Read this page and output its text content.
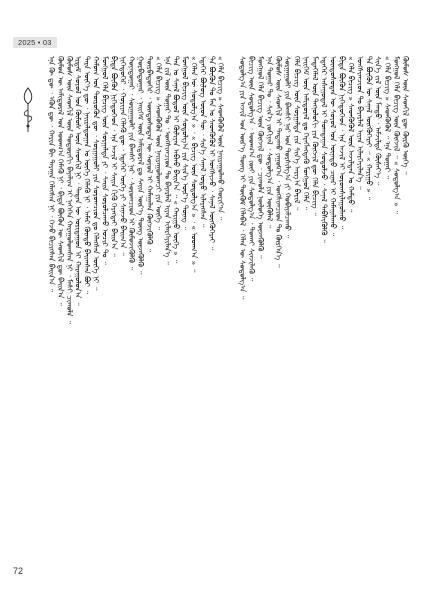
2025 • 03
ᠡᠨᠡ ᠬᠦ ᠳᠦ ᠂ ᠡᠭᠦᠨ ᠳᠦ ᠂ ᠬᠠᠷᠢᠨ ᠪᠢ ᠳᠠᠷᠠᠭᠠ ᠬᠡᠯᠡᠭᠰᠡᠨ ᠨᠢ ᠂ ᠭᠡᠵᠦ ᠪᠢᠴᠢᠭᠰᠡᠨ ᠪᠠᠢᠨ᠎ᠠ ᠃ ᠬᠦᠮᠦᠨ ᠦ ᠠᠮᠢᠳᠤᠷᠠᠯ ᠤᠨ ᠤᠳᠬ᠎ᠠ ᠬᠡᠮᠡᠬᠦ ᠨᠢ ᠂ ᠪᠢᠳᠡ ᠪᠦᠬᠦᠨ ᠦ ᠰᠡᠳᠬᠢᠯ ᠳᠦ ᠪᠠᠢᠨ᠎ᠠ ᠃ ᠬᠦᠮᠦᠰ ᠦᠨ ᠰᠡᠳᠬᠢᠯ ᠦᠨ ᠳᠤᠲᠤᠷᠠᠬᠢ ᠪᠠᠶᠠᠯᠢᠭ ᠢ ᠨᠡᠭᠡᠭᠡᠨ ᠬᠠᠷᠠᠭᠤᠯᠤᠭᠰᠠᠨ ᠨᠢ ᠂ ᠮᠠᠰᠢ ᠴᠢᠬᠤᠯᠠ ᠃ ᠡᠷᠳᠡᠮ ᠰᠣᠶᠤᠯ ᠤᠨ ᠬᠦᠮᠦᠰ ᠦᠨ ᠰᠡᠳᠬᠢᠯ ᠨᠢ ᠂ ᠲᠡᠳᠡᠨ ᠦ ᠤᠷᠢᠳᠠᠭᠤᠨ ᠢ ᠬᠠᠷᠠᠭᠤᠯᠤᠨ᠎ᠠ ᠃ ᠲᠡᠷᠡ ᠦᠶ᠎ᠡ ᠳᠦ ᠂ ᠨᠠᠢᠷᠠᠯᠳᠤᠭᠠᠨ ᠤ ᠦᠭᠡ ᠬᠡᠯᠡᠬᠦ ᠨᠢ ᠂ ᠠᠮᠠᠷ ᠬᠦᠨᠳᠦ ᠪᠠᠢᠭᠰᠠᠨ ᠪᠤᠢ ᠃ ᠬᠠᠮᠤᠭ ᠤᠨ ᠲᠦᠷᠦᠭᠦᠨ ᠳᠦ ᠂ ᠰᠤᠷᠭᠠᠭᠤᠯᠢ ᠶᠢᠨ ᠰᠤᠷᠤᠭᠴᠢᠳ ᠳᠤ ᠬᠡᠯᠡᠭᠰᠡᠨ ᠦᠭᠡ ᠨᠢ ᠃ ᠮᠣᠩᠭᠣᠯ ᠬᠡᠯᠡ ᠪᠢᠴᠢᠭ ᠦᠨ ᠰᠤᠷᠭᠠᠯᠲᠠ ᠶᠢ ᠂ ᠰᠠᠢᠨ ᠰᠤᠷᠤᠯᠴᠠᠬᠤ ᠤᠴᠢᠷ ᠲᠤ ᠃ ᠪᠢᠳᠡ ᠪᠦᠬᠦᠨ ᠨᠢᠭᠡᠳᠦᠭᠡᠳ ᠂ ᠡᠨᠡ ᠠᠵᠢᠯ ᠢ ᠰᠠᠢᠨ ᠬᠢᠬᠦ ᠬᠡᠷᠡᠭᠲᠡᠢ ᠪᠠᠢᠨ᠎ᠠ ᠃ ᠨᠢᠭᠡᠳᠦᠭᠡᠷ ᠂ ᠬᠤᠷᠢᠶᠠᠨ ᠬᠡᠯᠡᠬᠦ ᠳᠦ ᠂ ᠡᠳᠡᠭᠡᠷ ᠦᠭᠡ ᠶᠢ ᠰᠠᠨᠠᠵᠤ ᠪᠠᠢᠭ᠎ᠠ ᠃ ᠬᠣᠶᠠᠳᠤᠭᠠᠷ ᠂ ᠰᠤᠷᠭᠠᠭᠤᠯᠢ ᠶᠢᠨ ᠪᠠᠭᠰᠢ ᠨᠠᠷ ᠂ ᠰᠤᠷᠤᠭᠴᠢᠳ ᠢ ᠬᠦᠮᠦᠵᠢᠭᠦᠯᠬᠦ ᠃ ᠭᠤᠷᠪᠠᠳᠤᠭᠠᠷ ᠂ ᠨᠡᠢᠭᠡᠮ ᠦᠨ ᠠᠮᠢᠳᠤᠷᠠᠯ ᠳᠤ ᠰᠠᠢᠨ ᠦᠷ᠎ᠡ ᠳᠦᠩ ᠦᠵᠡᠭᠦᠯᠬᠦ ᠃ ᠳᠦᠷᠪᠡᠳᠦᠭᠡᠷ ᠂ ᠦᠨᠳᠦᠰᠦᠲᠡᠨ ᠦ ᠰᠣᠶᠤᠯ ᠢ ᠬᠠᠮᠠᠭᠠᠯᠠᠨ ᠬᠥᠭᠵᠢᠭᠦᠯᠬᠦ ᠃ « ᠬᠡᠯᠡ ᠪᠢᠴᠢᠭ » ᠰᠡᠳᠬᠦᠭᠦᠯ ᠦᠨ ᠨᠠᠢᠷᠠᠭᠤᠯᠤᠭᠴᠢ ᠶᠢᠨ ᠦᠭᠡ ᠃ ᠡᠨᠡ ᠵᠢᠯ ᠦᠨ ᠳᠤᠭᠠᠷ ᠲᠤ ᠂ ᠤᠩᠰᠢᠭᠴᠢᠳ ᠲᠤ ᠪᠠᠶᠠᠷᠯᠠᠯ ᠢᠶᠡᠨ ᠢᠯᠡᠷᠬᠡᠶᠢᠯᠡᠨ᠎ᠡ ᠃ ᠲᠠᠨ ᠤ ᠰᠠᠨᠠᠯ ᠪᠣᠳᠤᠯ ᠢ ᠬᠦᠯᠢᠶᠡᠨ ᠠᠪᠬᠤ ᠪᠠᠢᠨ᠎ᠠ ᠃ « ᠬᠠᠷᠢᠭᠤ ᠦᠭᠡ » ᠃ ᠮᠣᠩᠭᠣᠯ ᠪᠢᠴᠢᠭ ᠦᠨ ᠰᠤᠳᠤᠯᠭ᠎ᠠ ᠶᠢᠨ ᠰᠢᠨ᠎ᠡ ᠦᠷ᠎ᠡ ᠳᠦᠩ ᠃ « ᠬᠡᠯᠡᠨ ᠦ ᠰᠤᠳᠤᠯᠭ᠎ᠠ » ᠂ « ᠪᠢᠴᠢᠭ ᠦᠨ ᠰᠤᠳᠤᠯᠭ᠎ᠠ » ᠂ « ᠤᠳᠬ᠎ᠠ » ᠃ ᠡᠳᠡᠭᠡᠷ ᠪᠦᠯᠦᠭ ᠦᠳ ᠲᠦ ᠂ ᠰᠢᠨ᠎ᠡ ᠰᠠᠨᠠᠯ ᠤᠳᠤ ᠢᠯᠡᠷᠡᠭᠰᠡᠨ ᠃ ᠲᠠ ᠪᠦᠬᠦᠨ ᠲᠤ ᠮᠠᠨ ᠤ ᠰᠡᠳᠬᠦᠭᠦᠯ ᠢ ᠤᠩᠰᠢᠵᠤ ᠂ ᠰᠠᠨᠠᠯ ᠥᠭᠭᠦᠭᠡᠷᠡᠢ ᠃ « ᠬᠡᠯᠡ ᠪᠢᠴᠢᠭ » ᠰᠡᠳᠬᠦᠭᠦᠯ ᠦᠨ ᠨᠠᠢᠷᠠᠭᠤᠯᠬᠤ ᠬᠣᠷᠢᠶ᠎ᠠ ᠃ ᠰᠤᠳᠤᠯᠭ᠎ᠠ ᠶᠢᠨ ᠠᠵᠢᠯ ᠤᠨ ᠦᠷ᠎ᠡ ᠳᠦᠩ ᠢ ᠳᠦᠭᠦᠮ ᠬᠡᠯᠡᠪᠡᠯ ᠂ ᠬᠡᠯᠡᠨ ᠦ ᠰᠤᠳᠤᠯᠭ᠎ᠠ ᠃ ᠪᠢᠴᠢᠭ ᠦᠨ ᠰᠤᠳᠤᠯᠭ᠎ᠠ ᠂ ᠤᠳᠬ᠎ᠠ ᠵᠦᠢ ᠶᠢᠨ ᠰᠤᠳᠤᠯᠭ᠎ᠠ ᠂ ᠲᠤᠬᠠᠢ ᠰᠢᠨᠵᠢᠯᠡᠬᠦ ᠃ ᠮᠣᠩᠭᠣᠯ ᠬᠡᠯᠡ ᠪᠢᠴᠢᠭ ᠦᠨ ᠬᠥᠭᠵᠢᠯ ᠳᠦ ᠂ ᠴᠢᠬᠤᠯᠠ ᠨᠥᠯᠦᠭᠡ ᠦᠵᠡᠭᠦᠯᠬᠦ ᠃ ᠡᠨᠡ ᠳᠤᠭᠠᠷ ᠲᠤ ᠂ ᠰᠢᠨ᠎ᠡ ᠵᠣᠬᠢᠶᠠᠯ ᠂ ᠰᠤᠳᠤᠯᠭ᠎ᠠ ᠶᠢᠨ ᠥᠭᠦᠯᠡᠯ ᠃ ᠬᠦᠮᠦᠰ ᠦᠨ ᠰᠡᠳᠬᠢᠯ ᠢ ᠲᠠᠲᠠᠬᠤ ᠶᠠᠭᠤᠮ᠎ᠠ ᠂ ᠤᠩᠰᠢᠭᠴᠢᠳ ᠲᠤ ᠬᠦᠷᠭᠡᠨ᠎ᠡ ᠃ ᠰᠤᠷᠭᠠᠭᠤᠯᠢ ᠶᠢᠨ ᠪᠠᠭᠰᠢ ᠨᠠᠷ ᠤᠨ ᠲᠤᠷᠰᠢᠯᠭ᠎ᠠ ᠶᠢ ᠬᠤᠪᠢᠶᠠᠯᠴᠠᠬᠤ ᠃ ᠬᠡᠯᠡ ᠪᠢᠴᠢᠭ ᠦᠨ ᠰᠤᠷᠭᠠᠯᠲᠠ ᠶᠢᠨ ᠰᠢᠨ᠎ᠡ ᠠᠷᠭ᠎ᠠ ᠪᠠᠷᠢᠯ ᠃ ᠨᠡᠢᠭᠡᠮ ᠦᠨ ᠠᠮᠢᠳᠤᠷᠠᠯ ᠳᠤ ᠬᠡᠷᠡᠭᠯᠡᠭᠳᠡᠬᠦ ᠮᠣᠩᠭᠣᠯ ᠬᠡᠯᠡ ᠃ ᠮᠡᠳᠡᠭᠡᠯᠡᠯ ᠦᠨ ᠲᠡᠭᠨᠣᠯᠣᠭᠢ ᠶᠢᠨ ᠬᠥᠭᠵᠢᠯ ᠳᠦ ᠬᠡᠯᠡ ᠪᠢᠴᠢᠭ ᠃ ᠡᠳᠡᠭᠡᠷ ᠠᠰᠠᠭᠤᠳᠠᠯ ᠢ ᠲᠣᠭᠲᠠᠭᠠᠨ ᠰᠤᠳᠤᠯᠵᠤ ᠂ ᠰᠠᠨᠠᠯ ᠳᠡᠪᠰᠢᠭᠦᠯᠬᠦ ᠃ ᠦᠨᠳᠦᠰᠦᠲᠡᠨ ᠦ ᠰᠣᠶᠤᠯ ᠤᠨ ᠦᠨᠡᠲᠦ ᠴᠢᠨᠠᠷ ᠢ ᠬᠠᠮᠠᠭᠠᠯᠠᠬᠤ ᠃ ᠪᠢᠳᠡ ᠪᠦᠬᠦᠨ ᠨᠢᠭᠡᠳᠦᠭᠡᠳ ᠂ ᠡᠨᠡ ᠠᠵᠢᠯ ᠢ ᠤᠷᠤᠭᠰᠢᠯᠠᠭᠤᠯᠬᠤ ᠃ « ᠬᠡᠯᠡ ᠪᠢᠴᠢᠭ » ᠰᠡᠳᠬᠦᠭᠦᠯ ᠦᠨ ᠠᠵᠢᠯᠳᠠᠨ ᠤ ᠬᠠᠮᠲᠤ ᠃ ᠤᠩᠰᠢᠭᠴᠢᠳ ᠲᠤ ᠪᠠᠶᠠᠷᠯᠠᠯ ᠢᠶᠠᠨ ᠢᠯᠡᠷᠬᠡᠶᠢᠯᠡᠨ᠎ᠡ ᠃ ᠲᠠ ᠪᠦᠬᠦᠨ ᠦ ᠰᠠᠨᠠᠯ ᠥᠭᠭᠦᠭᠡᠷᠡᠢ ᠃ « ᠬᠠᠷᠢᠭᠤ » ᠃ ᠰᠢᠨ᠎ᠡ ᠵᠢᠯ ᠦᠨ ᠮᠡᠨᠳᠦ ᠂ ᠠᠮᠵᠢᠯᠲᠠ ᠬᠦᠰᠡᠶ᠎ᠡ ᠃ « ᠬᠡᠯᠡ ᠪᠢᠴᠢᠭ » ᠰᠡᠳᠬᠦᠭᠦᠯ ᠃ ᠡᠨᠡ ᠳᠤᠭᠠᠷ ᠃ ᠮᠣᠩᠭᠣᠯ ᠬᠡᠯᠡ ᠪᠢᠴᠢᠭ ᠦᠨ ᠬᠥᠭᠵᠢᠯ ᠃ « ᠰᠤᠳᠤᠯᠭ᠎ᠠ » ᠃ ᠬᠦᠮᠦᠰ ᠦᠨ ᠰᠡᠳᠬᠢᠯ ᠳᠦ ᠬᠦᠷᠬᠦ ᠦᠭᠡ ᠃
72
